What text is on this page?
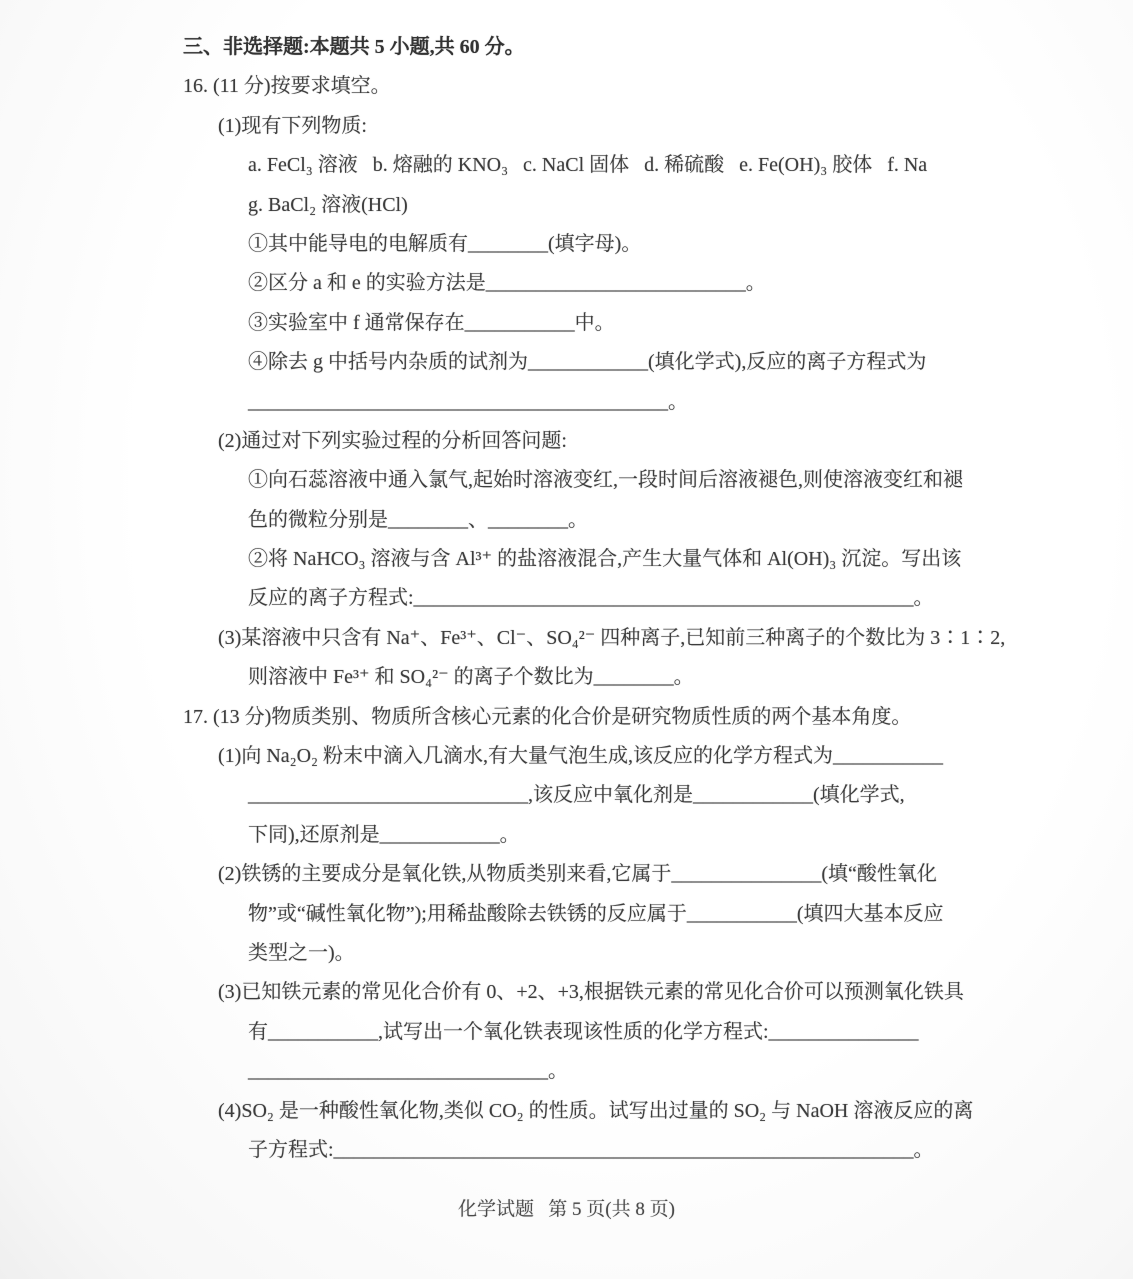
三、非选择题:本题共 5 小题,共 60 分。
16. (11 分)按要求填空。
(1)现有下列物质:
a. FeCl₃ 溶液   b. 熔融的 KNO₃   c. NaCl 固体   d. 稀硫酸   e. Fe(OH)₃ 胶体   f. Na
g. BaCl₂ 溶液(HCl)
①其中能导电的电解质有________(填字母)。
②区分 a 和 e 的实验方法是__________________________。
③实验室中 f 通常保存在___________中。
④除去 g 中括号内杂质的试剂为____________(填化学式),反应的离子方程式为
__________________________________________。
(2)通过对下列实验过程的分析回答问题:
①向石蕊溶液中通入氯气,起始时溶液变红,一段时间后溶液褪色,则使溶液变红和褪
色的微粒分别是________、________。
②将 NaHCO₃ 溶液与含 Al³⁺ 的盐溶液混合,产生大量气体和 Al(OH)₃ 沉淀。写出该
反应的离子方程式:__________________________________________________。
(3)某溶液中只含有 Na⁺、Fe³⁺、Cl⁻、SO₄²⁻ 四种离子,已知前三种离子的个数比为 3∶1∶2,
则溶液中 Fe³⁺ 和 SO₄²⁻ 的离子个数比为________。
17. (13 分)物质类别、物质所含核心元素的化合价是研究物质性质的两个基本角度。
(1)向 Na₂O₂ 粉末中滴入几滴水,有大量气泡生成,该反应的化学方程式为___________
____________________________,该反应中氧化剂是____________(填化学式,
下同),还原剂是____________。
(2)铁锈的主要成分是氧化铁,从物质类别来看,它属于_______________(填“酸性氧化
物”或“碱性氧化物”);用稀盐酸除去铁锈的反应属于___________(填四大基本反应
类型之一)。
(3)已知铁元素的常见化合价有 0、+2、+3,根据铁元素的常见化合价可以预测氧化铁具
有___________,试写出一个氧化铁表现该性质的化学方程式:_______________
______________________________。
(4)SO₂ 是一种酸性氧化物,类似 CO₂ 的性质。试写出过量的 SO₂ 与 NaOH 溶液反应的离
子方程式:__________________________________________________________。
化学试题 第 5 页(共 8 页)
